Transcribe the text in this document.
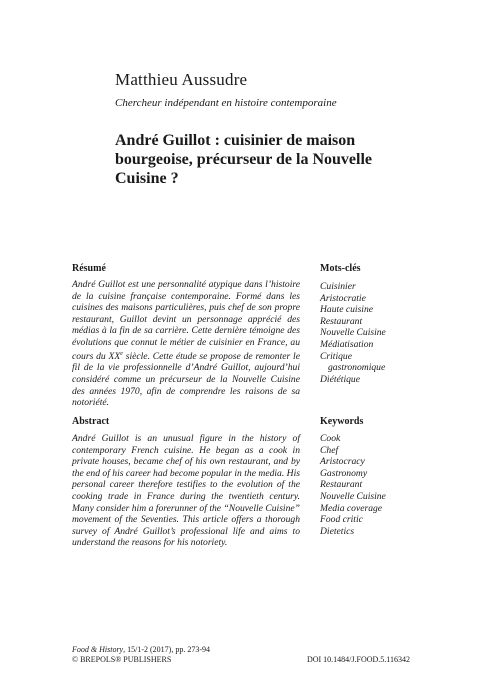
Matthieu Aussudre
Chercheur indépendant en histoire contemporaine
André Guillot : cuisinier de maison bourgeoise, précurseur de la Nouvelle Cuisine ?
Résumé
André Guillot est une personnalité atypique dans l’histoire de la cuisine française contemporaine. Formé dans les cuisines des maisons particulières, puis chef de son propre restaurant, Guillot devint un personnage apprécié des médias à la fin de sa carrière. Cette dernière témoigne des évolutions que connut le métier de cuisinier en France, au cours du XXe siècle. Cette étude se propose de remonter le fil de la vie professionnelle d’André Guillot, aujourd’hui considéré comme un précurseur de la Nouvelle Cuisine des années 1970, afin de comprendre les raisons de sa notoriété.
Mots-clés
Cuisinier
Aristocratie
Haute cuisine
Restaurant
Nouvelle Cuisine
Médiatisation
Critique
gastronomique
Diététique
Abstract
André Guillot is an unusual figure in the history of contemporary French cuisine. He began as a cook in private houses, became chef of his own restaurant, and by the end of his career had become popular in the media. His personal career therefore testifies to the evolution of the cooking trade in France during the twentieth century. Many consider him a forerunner of the “Nouvelle Cuisine” movement of the Seventies. This article offers a thorough survey of André Guillot’s professional life and aims to understand the reasons for his notoriety.
Keywords
Cook
Chef
Aristocracy
Gastronomy
Restaurant
Nouvelle Cuisine
Media coverage
Food critic
Dietetics
Food & History, 15/1-2 (2017), pp. 273-94
© BREPOLS® PUBLISHERS	DOI 10.1484/J.FOOD.5.116342
